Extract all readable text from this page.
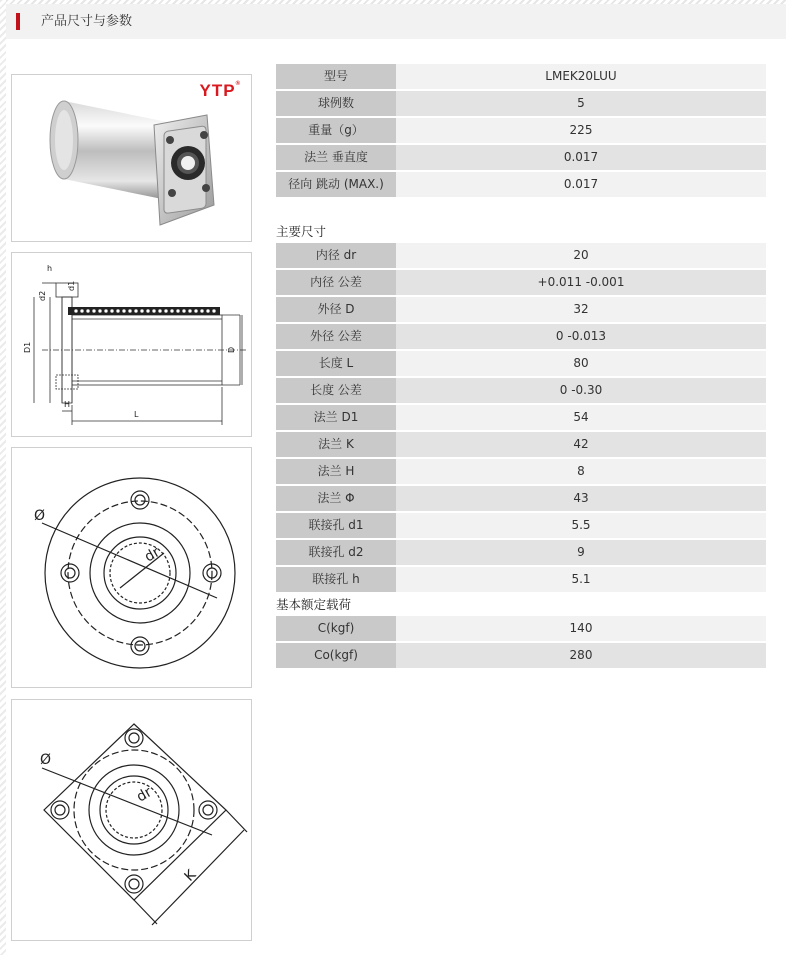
产品尺寸与参数
YTP®
h
d1
d2
D1	D
H
L
Ø
dr
Ø
dr
K
型号	LMEK20LUU
球例数	5
重量（g）	225
法兰 垂直度	0.017
径向 跳动 (MAX.)	0.017
主要尺寸
内径 dr	20
内径 公差	+0.011 -0.001
外径 D	32
外径 公差	0 -0.013
长度 L	80
长度 公差	0 -0.30
法兰 D1	54
法兰 K	42
法兰 H	8
法兰 Φ	43
联接孔 d1	5.5
联接孔 d2	9
联接孔 h	5.1
基本额定载荷
C(kgf)	140
Co(kgf)	280
